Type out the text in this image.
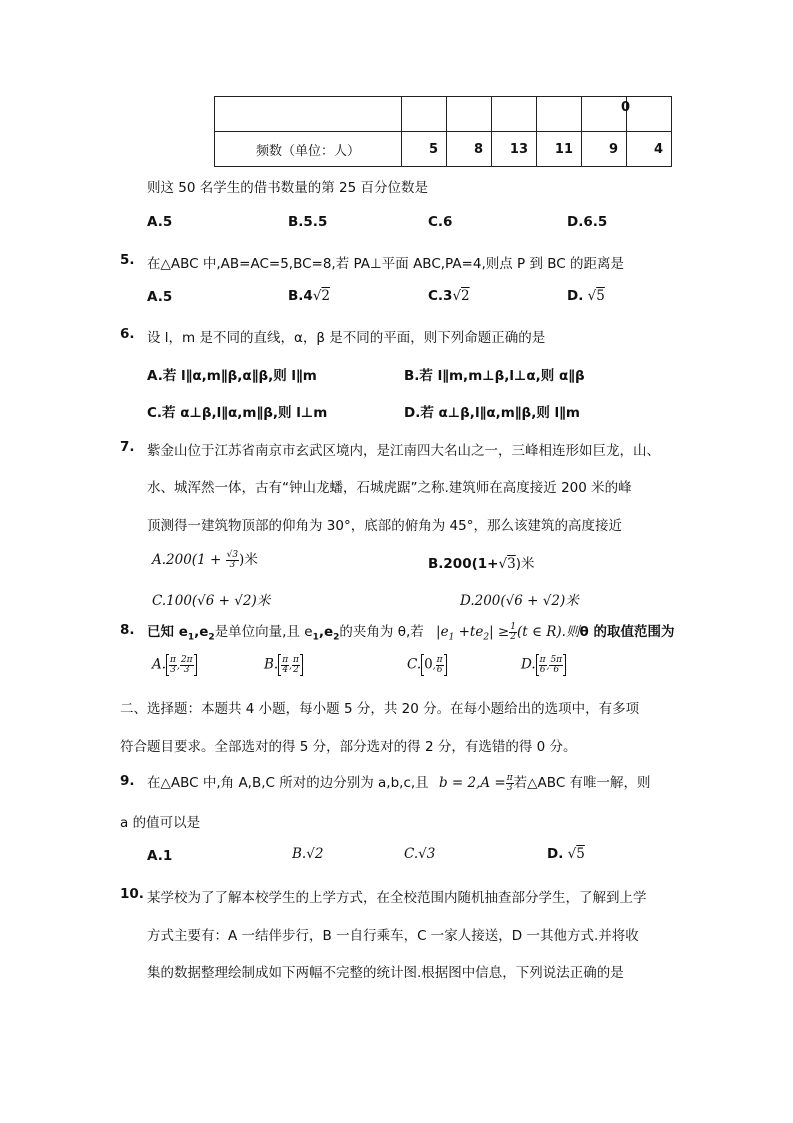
					0	
频数（单位：人）	5	8	13	11	9	4
则这 50 名学生的借书数量的第 25 百分位数是
A.5	B.5.5	C.6	D.6.5
5. 在△ABC 中,AB=AC=5,BC=8,若 PA⊥平面 ABC,PA=4,则点 P 到 BC 的距离是
A.5	B.4√2	C.3√2	D. √5
6. 设 l，m 是不同的直线，α，β 是不同的平面，则下列命题正确的是
A.若 l∥α,m∥β,α∥β,则 l∥m	B.若 l∥m,m⊥β,l⊥α,则 α∥β
C.若 α⊥β,l∥α,m∥β,则 l⊥m	D.若 α⊥β,l∥α,m∥β,则 l∥m
7. 紫金山位于江苏省南京市玄武区境内，是江南四大名山之一，三峰相连形如巨龙，山、
水、城浑然一体，古有“钟山龙蟠，石城虎踞”之称.建筑师在高度接近 200 米的峰
顶测得一建筑物顶部的仰角为 30°，底部的俯角为 45°，那么该建筑的高度接近
$A.200(1 + \frac{√3}{3}$ )米	B.200(1+√3)米
C.100(√6 + √2)米	D.200(√6 + √2)米
8. 已知 $e_1,e_2$是单位向量,且 $e_1,e_2$的夹角为 θ,若 $|e_1 +te_2| \ge \frac{1}{2} (t$ ∈ R).则θ 的取值范围为
A. $\frac{\pi}{3}$ , $\frac{2\pi}{3}$	B. $\frac{\pi}{4}$ , $\frac{\pi}{2}$	C. 0, $\frac{\pi}{6}$	D. $\frac{\pi}{6}$ , $\frac{5\pi}{6}$
二、选择题：本题共 4 小题，每小题 5 分，共 20 分。在每小题给出的选项中，有多项
符合题目要求。全部选对的得 5 分，部分选对的得 2 分，有选错的得 0 分。
9. 在△ABC 中,角 A,B,C 所对的边分别为 a,b,c,且 $b = 2,A = \frac{\pi}{3}$ 若△ABC 有唯一解，则
a 的值可以是
A.1	B.√2	C.√3	D. √5
10. 某学校为了了解本校学生的上学方式，在全校范围内随机抽查部分学生，了解到上学
方式主要有：A 一结伴步行，B 一自行乘车，C 一家人接送，D 一其他方式.并将收
集的数据整理绘制成如下两幅不完整的统计图.根据图中信息，下列说法正确的是
